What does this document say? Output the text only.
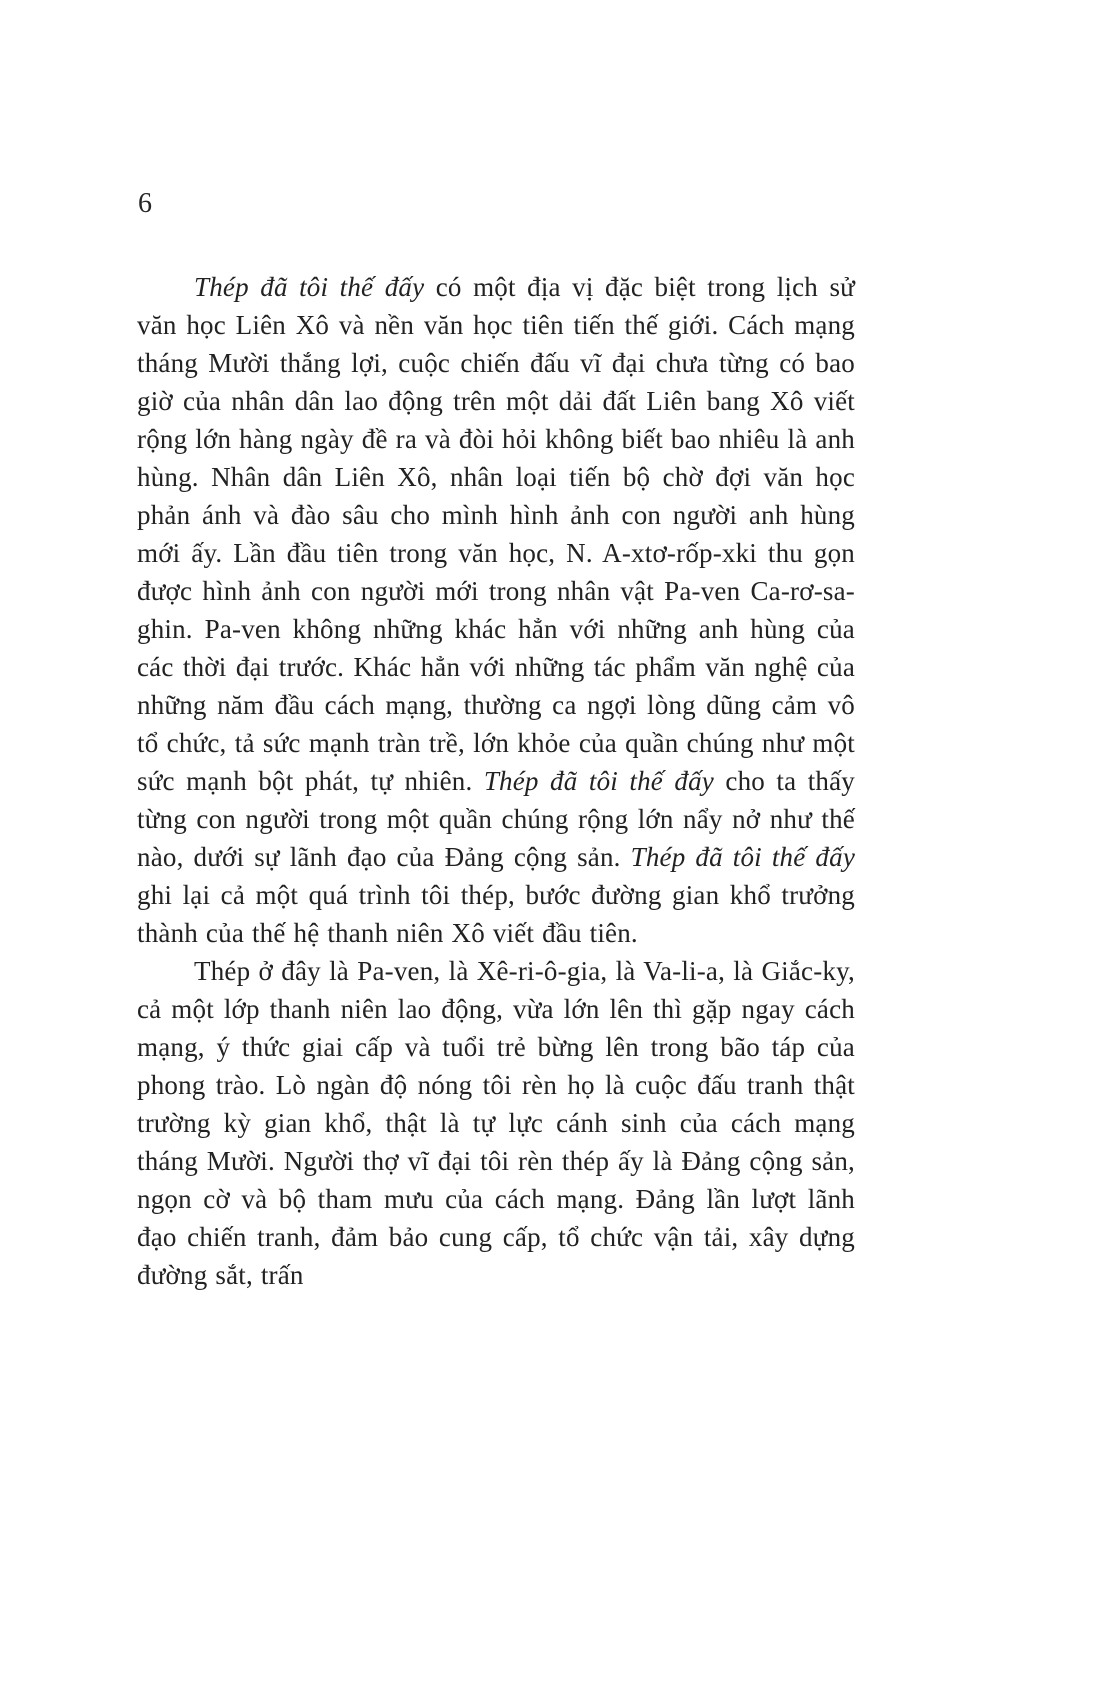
6

Thép đã tôi thế đấy có một địa vị đặc biệt trong lịch sử văn học Liên Xô và nền văn học tiên tiến thế giới. Cách mạng tháng Mười thắng lợi, cuộc chiến đấu vĩ đại chưa từng có bao giờ của nhân dân lao động trên một dải đất Liên bang Xô viết rộng lớn hàng ngày đề ra và đòi hỏi không biết bao nhiêu là anh hùng. Nhân dân Liên Xô, nhân loại tiến bộ chờ đợi văn học phản ánh và đào sâu cho mình hình ảnh con người anh hùng mới ấy. Lần đầu tiên trong văn học, N. A-xtơ-rốp-xki thu gọn được hình ảnh con người mới trong nhân vật Pa-ven Ca-rơ-sa-ghin. Pa-ven không những khác hẳn với những anh hùng của các thời đại trước. Khác hẳn với những tác phẩm văn nghệ của những năm đầu cách mạng, thường ca ngợi lòng dũng cảm vô tổ chức, tả sức mạnh tràn trề, lớn khỏe của quần chúng như một sức mạnh bột phát, tự nhiên. Thép đã tôi thế đấy cho ta thấy từng con người trong một quần chúng rộng lớn nẩy nở như thế nào, dưới sự lãnh đạo của Đảng cộng sản. Thép đã tôi thế đấy ghi lại cả một quá trình tôi thép, bước đường gian khổ trưởng thành của thế hệ thanh niên Xô viết đầu tiên.

Thép ở đây là Pa-ven, là Xê-ri-ô-gia, là Va-li-a, là Giắc-ky, cả một lớp thanh niên lao động, vừa lớn lên thì gặp ngay cách mạng, ý thức giai cấp và tuổi trẻ bừng lên trong bão táp của phong trào. Lò ngàn độ nóng tôi rèn họ là cuộc đấu tranh thật trường kỳ gian khổ, thật là tự lực cánh sinh của cách mạng tháng Mười. Người thợ vĩ đại tôi rèn thép ấy là Đảng cộng sản, ngọn cờ và bộ tham mưu của cách mạng. Đảng lần lượt lãnh đạo chiến tranh, đảm bảo cung cấp, tổ chức vận tải, xây dựng đường sắt, trấn
